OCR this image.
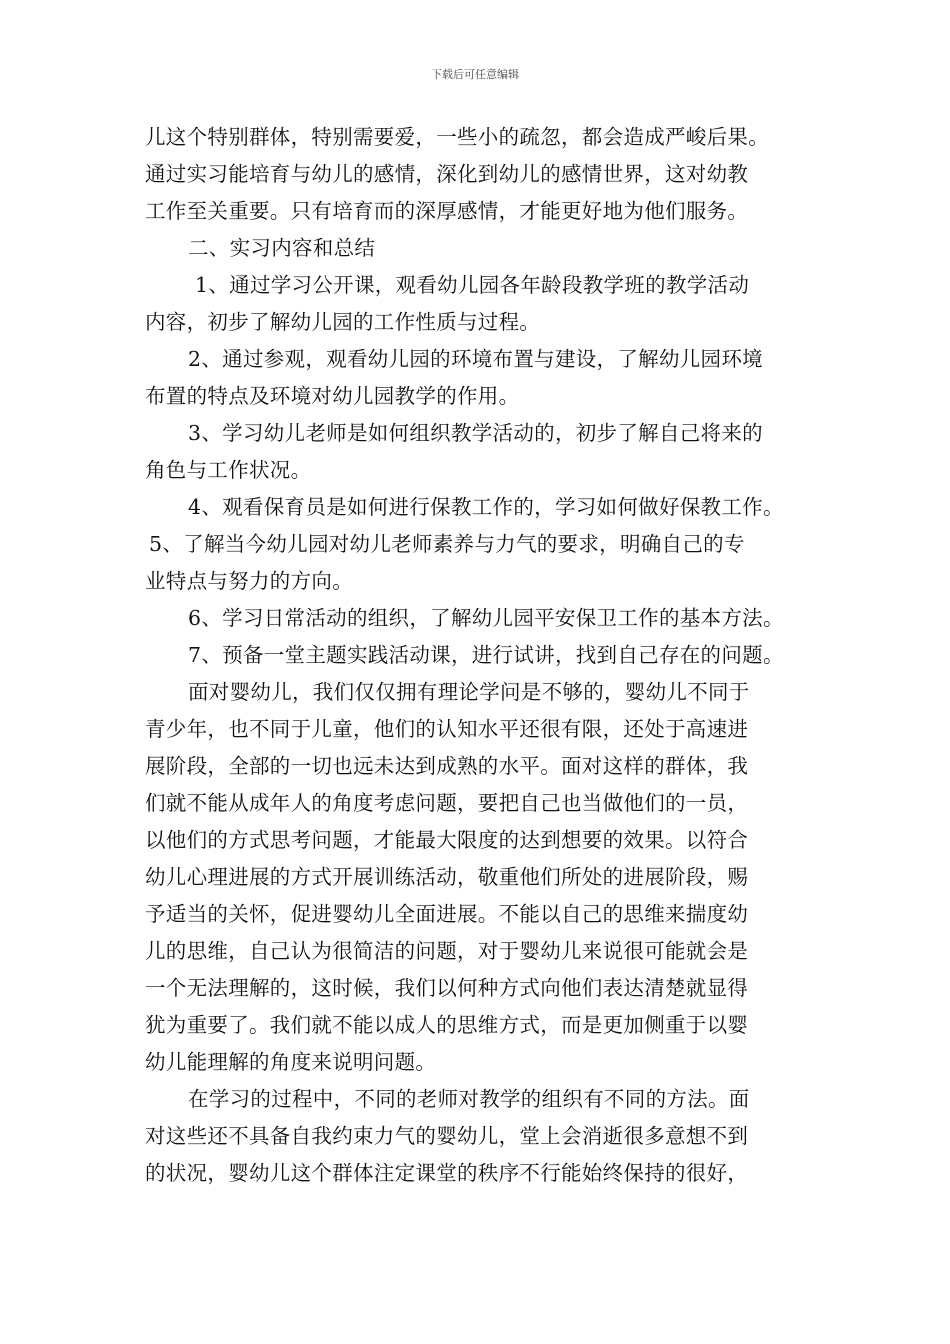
下载后可任意编辑
儿这个特别群体，特别需要爱，一些小的疏忽，都会造成严峻后果。
通过实习能培育与幼儿的感情，深化到幼儿的感情世界，这对幼教
工作至关重要。只有培育而的深厚感情，才能更好地为他们服务。
二、实习内容和总结
1、通过学习公开课，观看幼儿园各年龄段教学班的教学活动
内容，初步了解幼儿园的工作性质与过程。
2、通过参观，观看幼儿园的环境布置与建设，了解幼儿园环境
布置的特点及环境对幼儿园教学的作用。
3、学习幼儿老师是如何组织教学活动的，初步了解自己将来的
角色与工作状况。
4、观看保育员是如何进行保教工作的，学习如何做好保教工作。
5、了解当今幼儿园对幼儿老师素养与力气的要求，明确自己的专
业特点与努力的方向。
6、学习日常活动的组织，了解幼儿园平安保卫工作的基本方法。
7、预备一堂主题实践活动课，进行试讲，找到自己存在的问题。
面对婴幼儿，我们仅仅拥有理论学问是不够的，婴幼儿不同于
青少年，也不同于儿童，他们的认知水平还很有限，还处于高速进
展阶段，全部的一切也远未达到成熟的水平。面对这样的群体，我
们就不能从成年人的角度考虑问题，要把自己也当做他们的一员，
以他们的方式思考问题，才能最大限度的达到想要的效果。以符合
幼儿心理进展的方式开展训练活动，敬重他们所处的进展阶段，赐
予适当的关怀，促进婴幼儿全面进展。不能以自己的思维来揣度幼
儿的思维，自己认为很简洁的问题，对于婴幼儿来说很可能就会是
一个无法理解的，这时候，我们以何种方式向他们表达清楚就显得
犹为重要了。我们就不能以成人的思维方式，而是更加侧重于以婴
幼儿能理解的角度来说明问题。
在学习的过程中，不同的老师对教学的组织有不同的方法。面
对这些还不具备自我约束力气的婴幼儿，堂上会消逝很多意想不到
的状况，婴幼儿这个群体注定课堂的秩序不行能始终保持的很好，
